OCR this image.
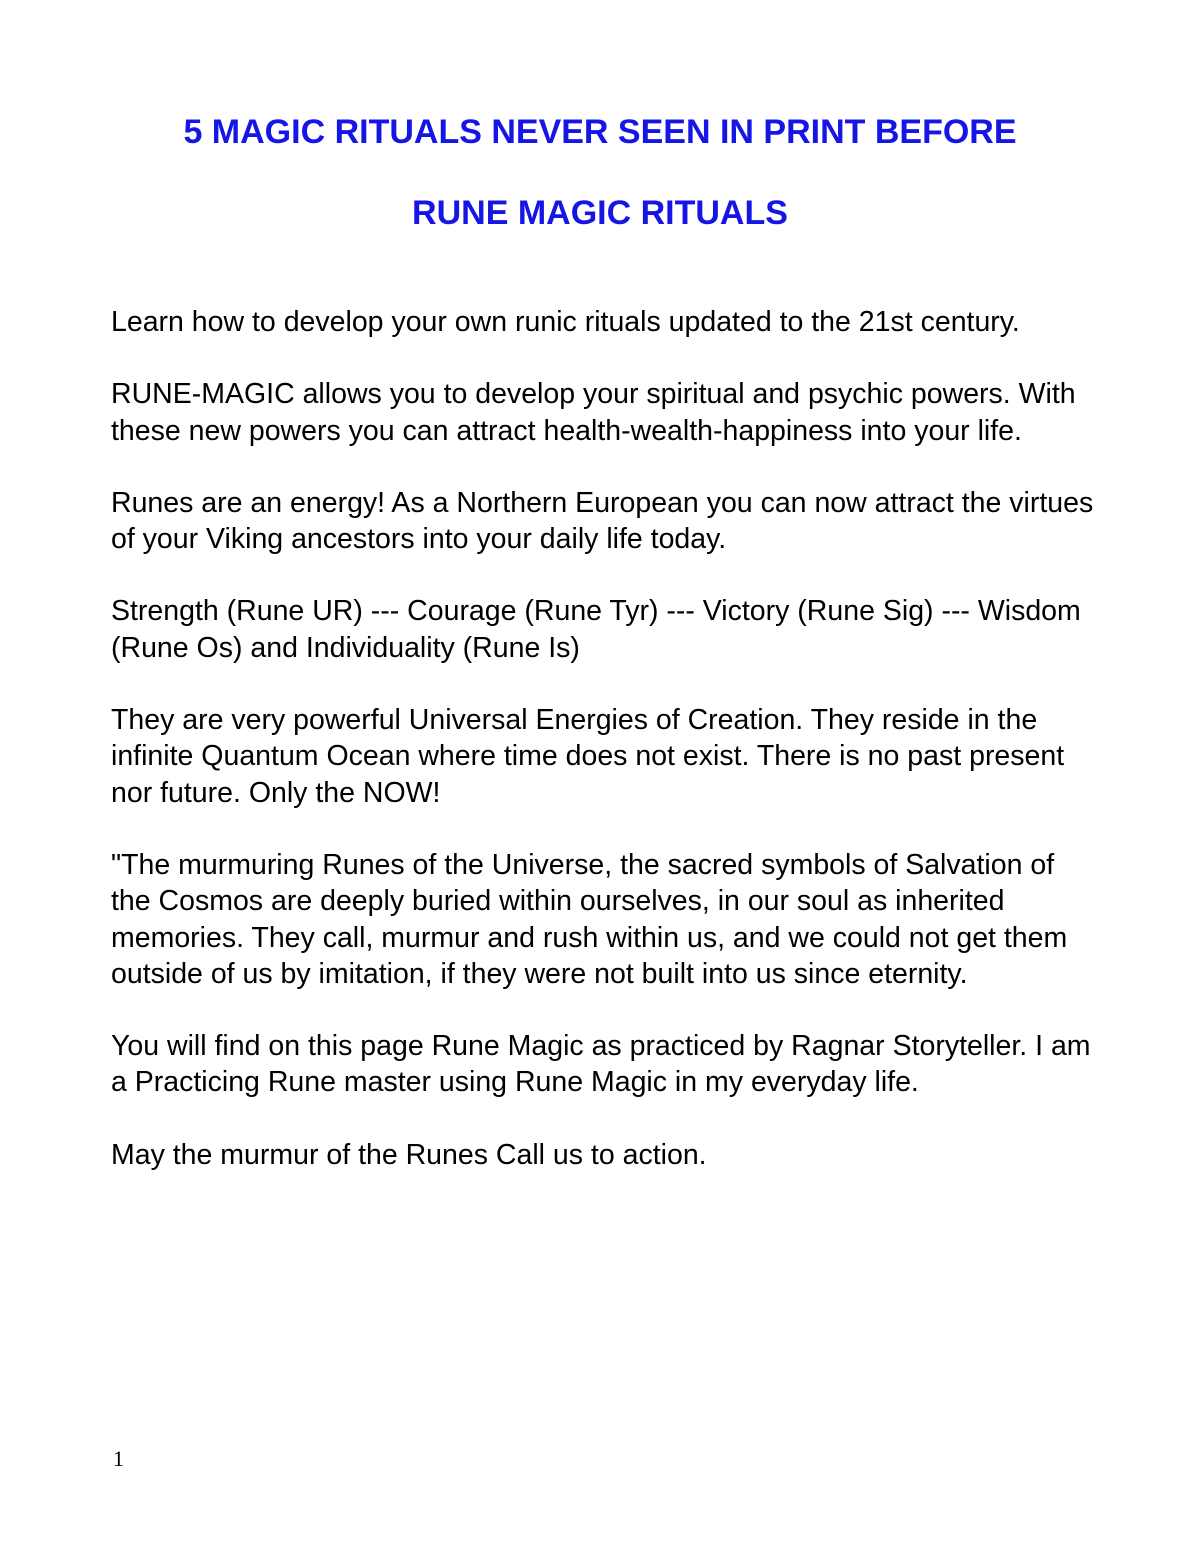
5 MAGIC RITUALS NEVER SEEN IN PRINT BEFORE
RUNE MAGIC RITUALS

Learn how to develop your own runic rituals updated to the 21st century.

RUNE-MAGIC allows you to develop your spiritual and psychic powers. With these new powers you can attract health-wealth-happiness into your life.

Runes are an energy! As a Northern European you can now attract the virtues of your Viking ancestors into your daily life today.

Strength (Rune UR) --- Courage (Rune Tyr) --- Victory (Rune Sig) --- Wisdom (Rune Os) and Individuality (Rune Is)

They are very powerful Universal Energies of Creation. They reside in the infinite Quantum Ocean where time does not exist. There is no past present nor future. Only the NOW!

"The murmuring Runes of the Universe, the sacred symbols of Salvation of the Cosmos are deeply buried within ourselves, in our soul as inherited memories. They call, murmur and rush within us, and we could not get them outside of us by imitation, if they were not built into us since eternity.

You will find on this page Rune Magic as practiced by Ragnar Storyteller. I am a Practicing Rune master using Rune Magic in my everyday life.

May the murmur of the Runes Call us to action.

1
